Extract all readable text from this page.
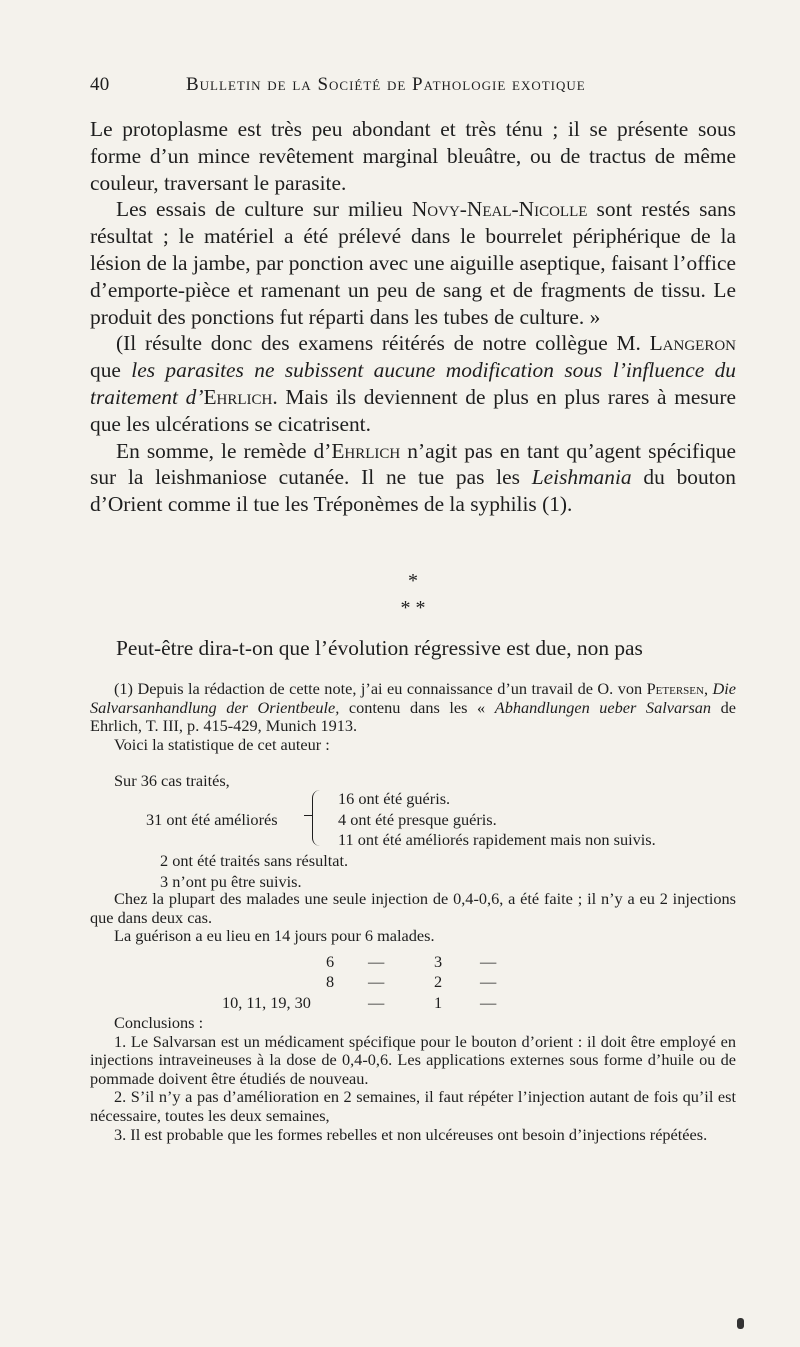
40	Bulletin de la Société de Pathologie exotique

Le protoplasme est très peu abondant et très ténu ; il se présente sous forme d’un mince revêtement marginal bleuâtre, ou de tractus de même couleur, traversant le parasite.

Les essais de culture sur milieu Novy-Neal-Nicolle sont restés sans résultat ; le matériel a été prélevé dans le bourrelet périphérique de la lésion de la jambe, par ponction avec une aiguille aseptique, faisant l’office d’emporte-pièce et ramenant un peu de sang et de fragments de tissu. Le produit des ponctions fut réparti dans les tubes de culture. »

(Il résulte donc des examens réitérés de notre collègue M. Langeron que les parasites ne subissent aucune modification sous l’influence du traitement d’Ehrlich. Mais ils deviennent de plus en plus rares à mesure que les ulcérations se cicatrisent.

En somme, le remède d’Ehrlich n’agit pas en tant qu’agent spécifique sur la leishmaniose cutanée. Il ne tue pas les Leishmania du bouton d’Orient comme il tue les Tréponèmes de la syphilis (1).

*
* *
Peut-être dira-t-on que l’évolution régressive est due, non pas

(1) Depuis la rédaction de cette note, j’ai eu connaissance d’un travail de O. von Petersen, Die Salvarsanhandlung der Orientbeule, contenu dans les « Abhandlungen ueber Salvarsan de Ehrlich, T. III, p. 415-429, Munich 1913.

Voici la statistique de cet auteur :

Sur 36 cas traités,
16 ont été guéris.
31 ont été améliorés	4 ont été presque guéris.
11 ont été améliorés rapidement mais non suivis.
2 ont été traités sans résultat.
3 n’ont pu être suivis.

Chez la plupart des malades une seule injection de 0,4-0,6, a été faite ; il n’y a eu 2 injections que dans deux cas.

La guérison a eu lieu en 14 jours pour 6 malades.

6 —	3 —
8 —	2 —
10, 11, 19, 30	—	1 —

Conclusions :

1. Le Salvarsan est un médicament spécifique pour le bouton d’orient : il doit être employé en injections intraveineuses à la dose de 0,4-0,6. Les applications externes sous forme d’huile ou de pommade doivent être étudiés de nouveau.

2. S’il n’y a pas d’amélioration en 2 semaines, il faut répéter l’injection autant de fois qu’il est nécessaire, toutes les deux semaines,

3. Il est probable que les formes rebelles et non ulcéreuses ont besoin d’injections répétées.
